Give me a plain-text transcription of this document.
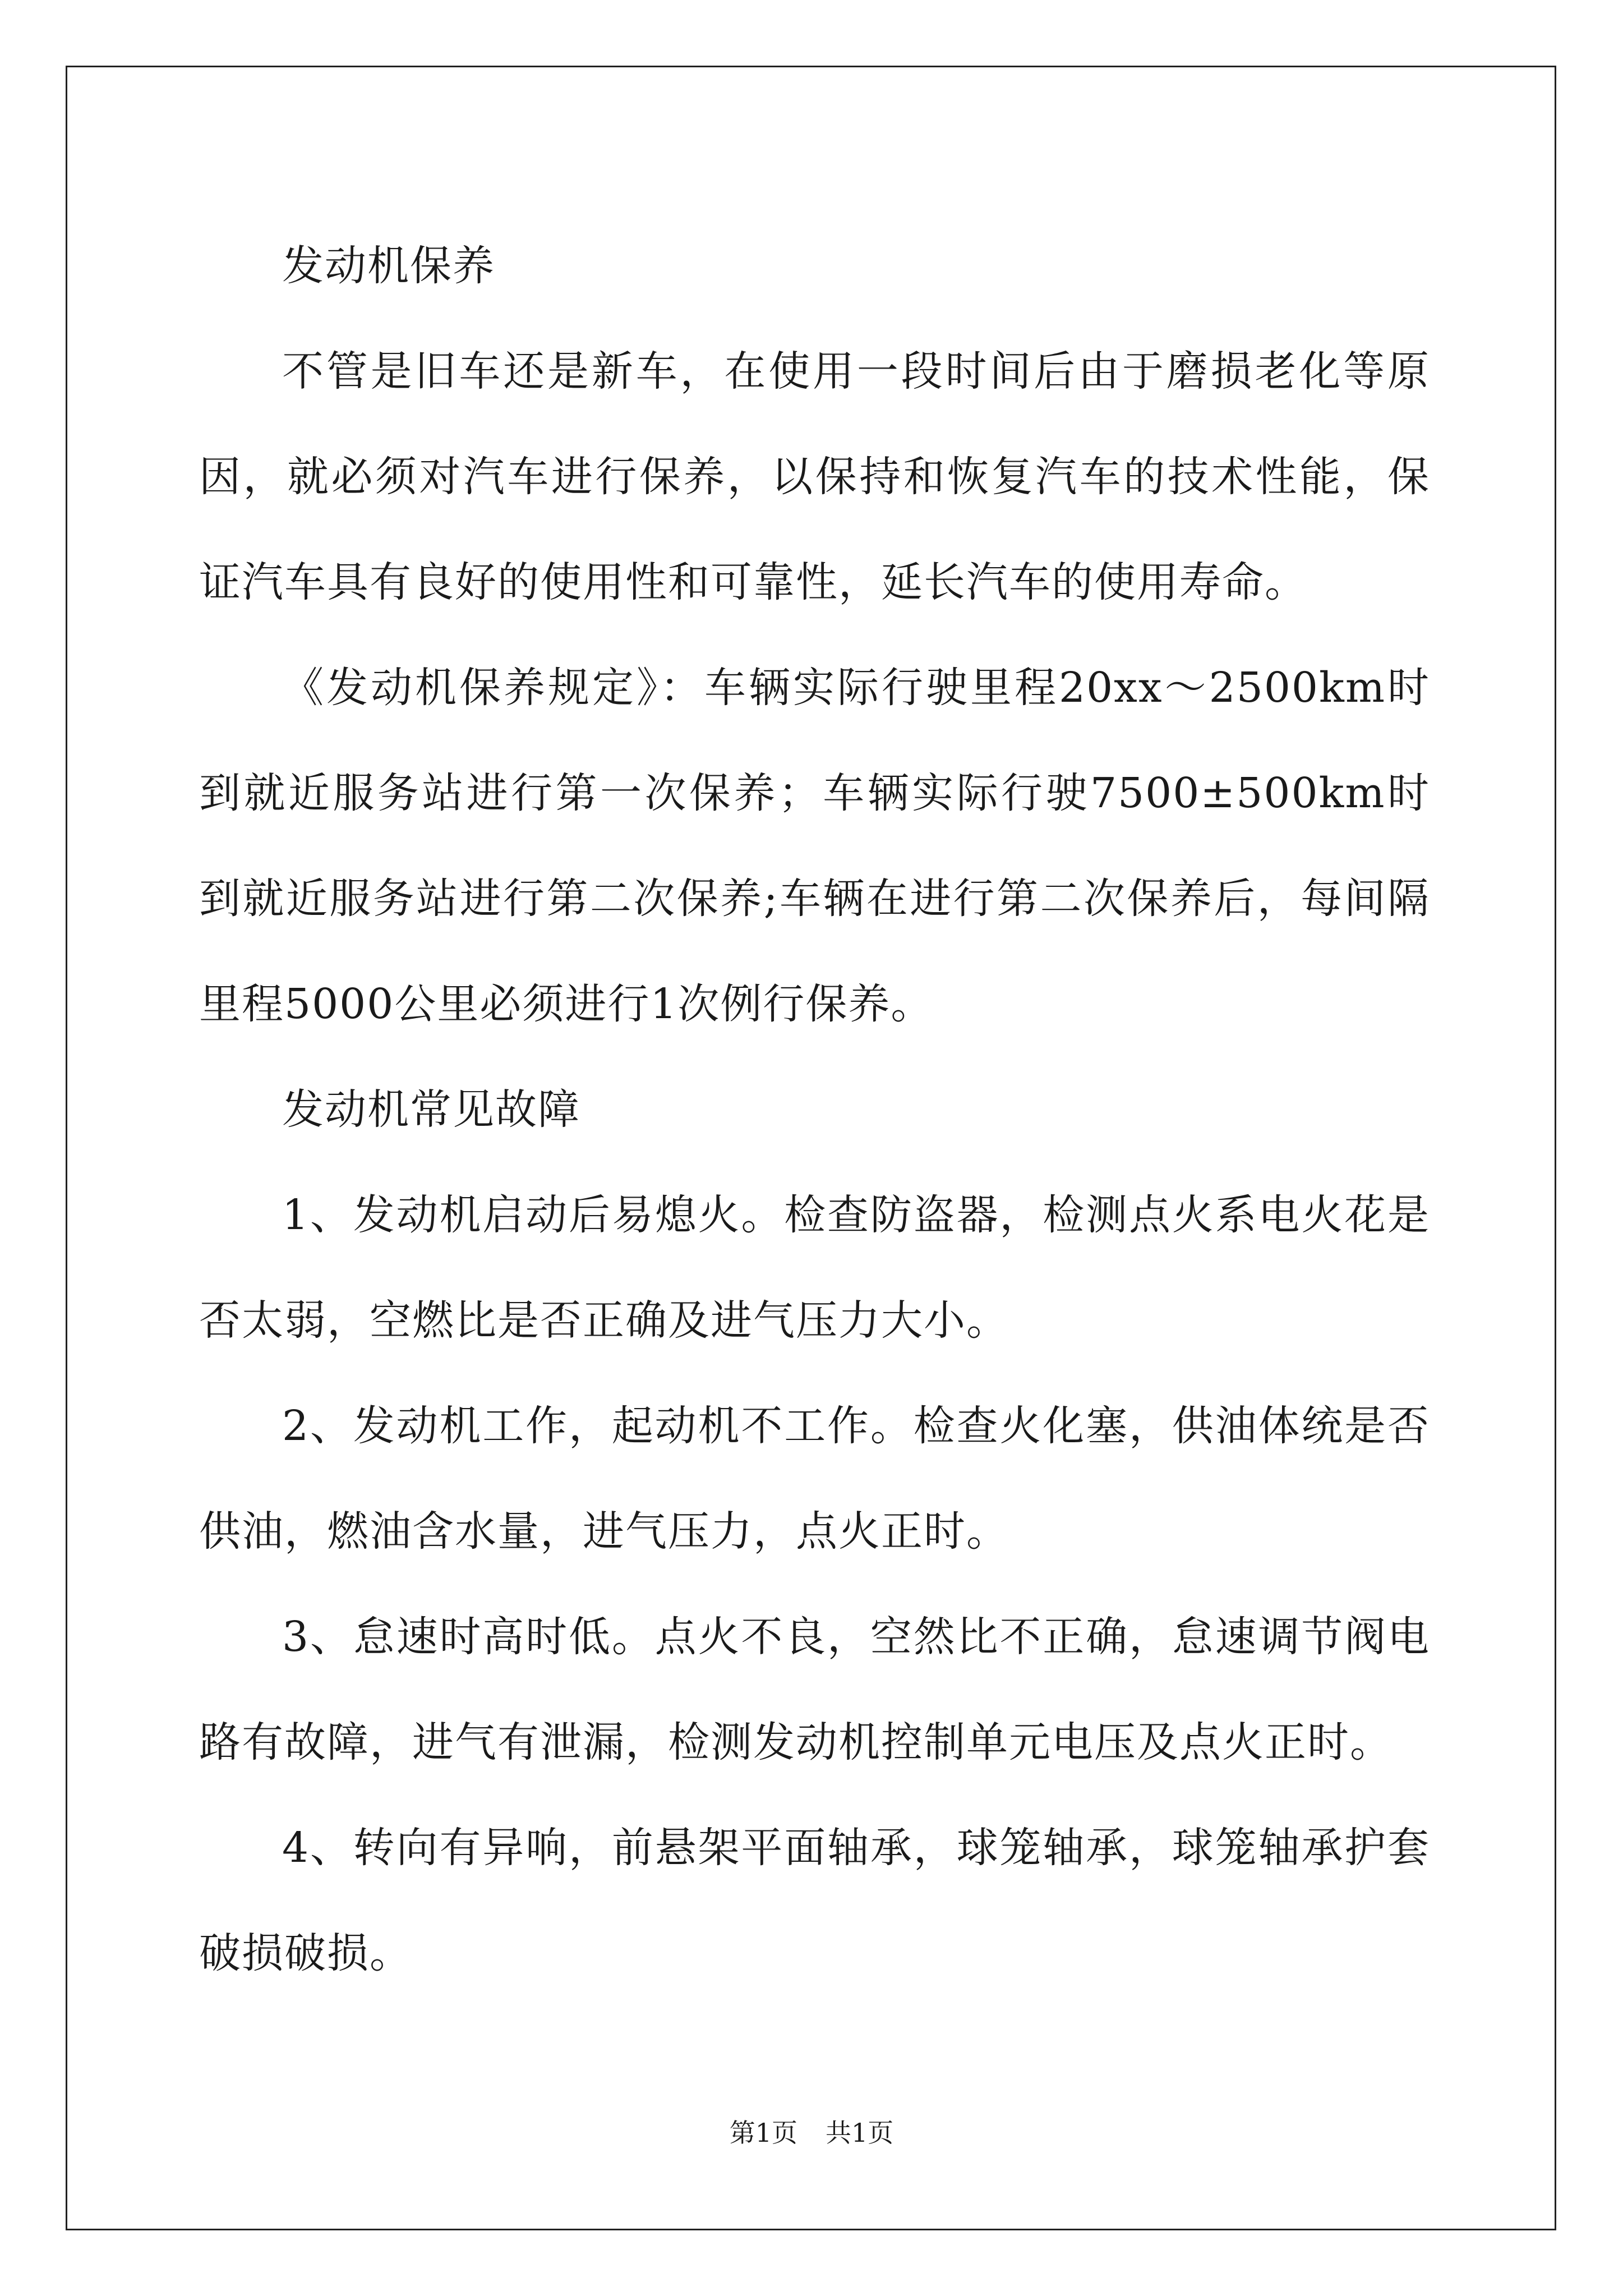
发动机保养

不管是旧车还是新车，在使用一段时间后由于磨损老化等原因，就必须对汽车进行保养，以保持和恢复汽车的技术性能，保证汽车具有良好的使用性和可靠性，延长汽车的使用寿命。

《发动机保养规定》：车辆实际行驶里程20xx～2500km时到就近服务站进行第一次保养；车辆实际行驶7500±500km时到就近服务站进行第二次保养;车辆在进行第二次保养后，每间隔里程5000公里必须进行1次例行保养。

发动机常见故障

1、发动机启动后易熄火。检查防盗器，检测点火系电火花是否太弱，空燃比是否正确及进气压力大小。

2、发动机工作，起动机不工作。检查火化塞，供油体统是否供油，燃油含水量，进气压力，点火正时。

3、怠速时高时低。点火不良，空然比不正确，怠速调节阀电路有故障，进气有泄漏，检测发动机控制单元电压及点火正时。

4、转向有异响，前悬架平面轴承，球笼轴承，球笼轴承护套破损破损。

第1页 共1页
